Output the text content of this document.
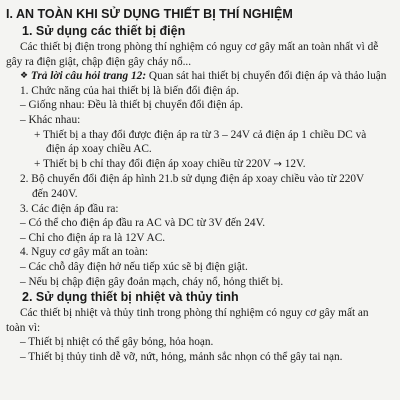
I. AN TOÀN KHI SỬ DỤNG THIẾT BỊ THÍ NGHIỆM
1. Sử dụng các thiết bị điện
Các thiết bị điện trong phòng thí nghiệm có nguy cơ gây mất an toàn nhất vì dễ
gây ra điện giật, chập điện gây cháy nổ...
❖ Trả lời câu hỏi trang 12: Quan sát hai thiết bị chuyển đổi điện áp và thảo luận
1. Chức năng của hai thiết bị là biến đổi điện áp.
– Giống nhau: Đều là thiết bị chuyển đổi điện áp.
– Khác nhau:
+ Thiết bị a thay đổi được điện áp ra từ 3 – 24V cả điện áp 1 chiều DC và
điện áp xoay chiều AC.
+ Thiết bị b chỉ thay đổi điện áp xoay chiều từ 220V → 12V.
2. Bộ chuyển đổi điện áp hình 21.b sử dụng điện áp xoay chiều vào từ 220V
đến 240V.
3. Các điện áp đầu ra:
– Có thể cho điện áp đầu ra AC và DC từ 3V đến 24V.
– Chỉ cho điện áp ra là 12V AC.
4. Nguy cơ gây mất an toàn:
– Các chỗ dây điện hở nếu tiếp xúc sẽ bị điện giật.
– Nếu bị chập điện gây đoản mạch, cháy nổ, hỏng thiết bị.
2. Sử dụng thiết bị nhiệt và thủy tinh
Các thiết bị nhiệt và thủy tinh trong phòng thí nghiệm có nguy cơ gây mất an
toàn vì:
– Thiết bị nhiệt có thể gây bỏng, hỏa hoạn.
– Thiết bị thủy tinh dễ vỡ, nứt, hỏng, mảnh sắc nhọn có thể gây tai nạn.
